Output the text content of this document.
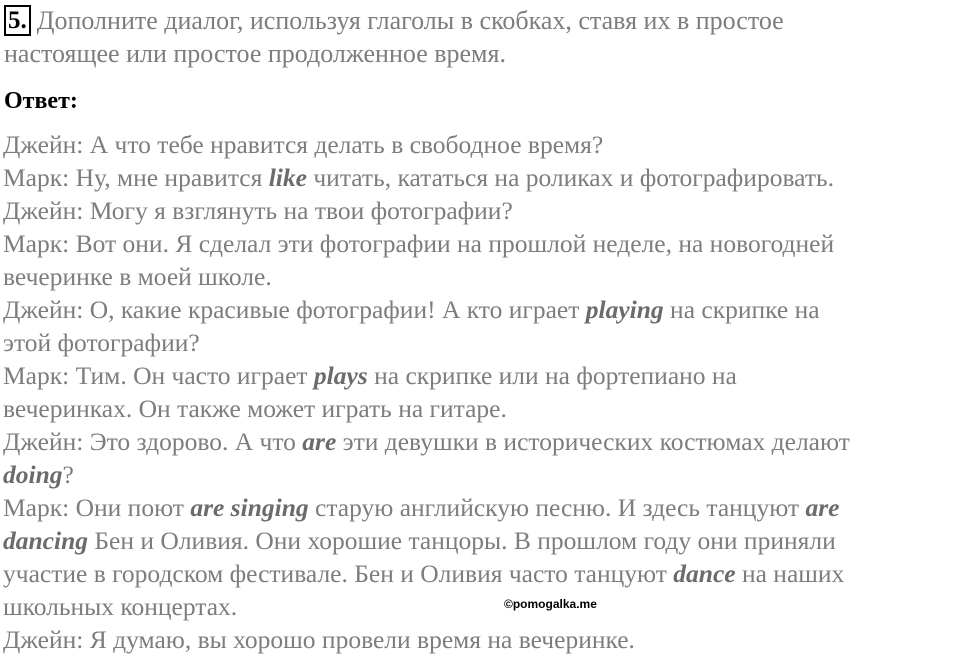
5. Дополните диалог, используя глаголы в скобках, ставя их в простое
настоящее или простое продолженное время.
Ответ:

Джейн: А что тебе нравится делать в свободное время?

Марк: Ну, мне нравится like читать, кататься на роликах и фотографировать.

Джейн: Могу я взглянуть на твои фотографии?

Марк: Вот они. Я сделал эти фотографии на прошлой неделе, на новогодней

вечеринке в моей школе.

Джейн: О, какие красивые фотографии! А кто играет playing на скрипке на

этой фотографии?

Марк: Тим. Он часто играет plays на скрипке или на фортепиано на

вечеринках. Он также может играть на гитаре.

Джейн: Это здорово. А что are эти девушки в исторических костюмах делают

doing?

Марк: Они поют are singing старую английскую песню. И здесь танцуют are

dancing Бен и Оливия. Они хорошие танцоры. В прошлом году они приняли

участие в городском фестивале. Бен и Оливия часто танцуют dance на наших

школьных концертах.

Джейн: Я думаю, вы хорошо провели время на вечеринке.

©pomogalka.me
